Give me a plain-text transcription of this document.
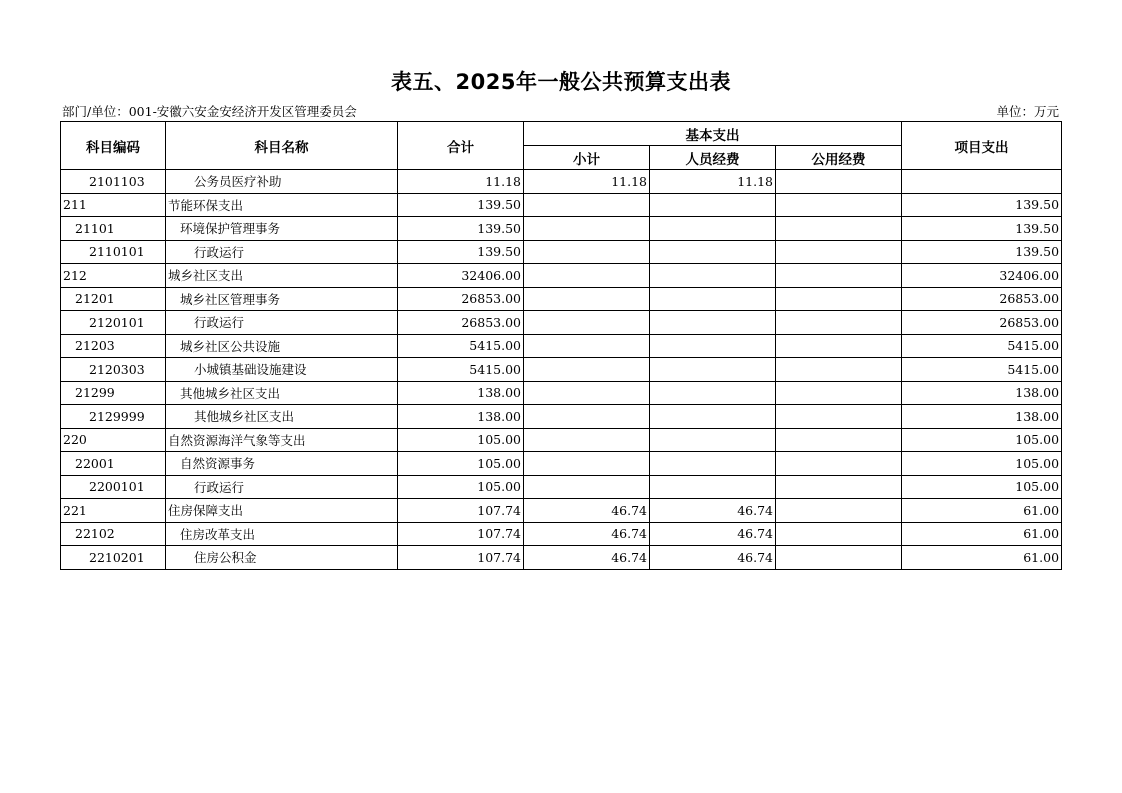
表五、2025年一般公共预算支出表
部门/单位：001-安徽六安金安经济开发区管理委员会	单位：万元
科目编码	科目名称	合计	基本支出			项目支出
			小计	人员经费	公用经费	
2101103	公务员医疗补助	11.18	11.18	11.18		
211	节能环保支出	139.50				139.50
21101	环境保护管理事务	139.50				139.50
2110101	行政运行	139.50				139.50
212	城乡社区支出	32406.00				32406.00
21201	城乡社区管理事务	26853.00				26853.00
2120101	行政运行	26853.00				26853.00
21203	城乡社区公共设施	5415.00				5415.00
2120303	小城镇基础设施建设	5415.00				5415.00
21299	其他城乡社区支出	138.00				138.00
2129999	其他城乡社区支出	138.00				138.00
220	自然资源海洋气象等支出	105.00				105.00
22001	自然资源事务	105.00				105.00
2200101	行政运行	105.00				105.00
221	住房保障支出	107.74	46.74	46.74		61.00
22102	住房改革支出	107.74	46.74	46.74		61.00
2210201	住房公积金	107.74	46.74	46.74		61.00
